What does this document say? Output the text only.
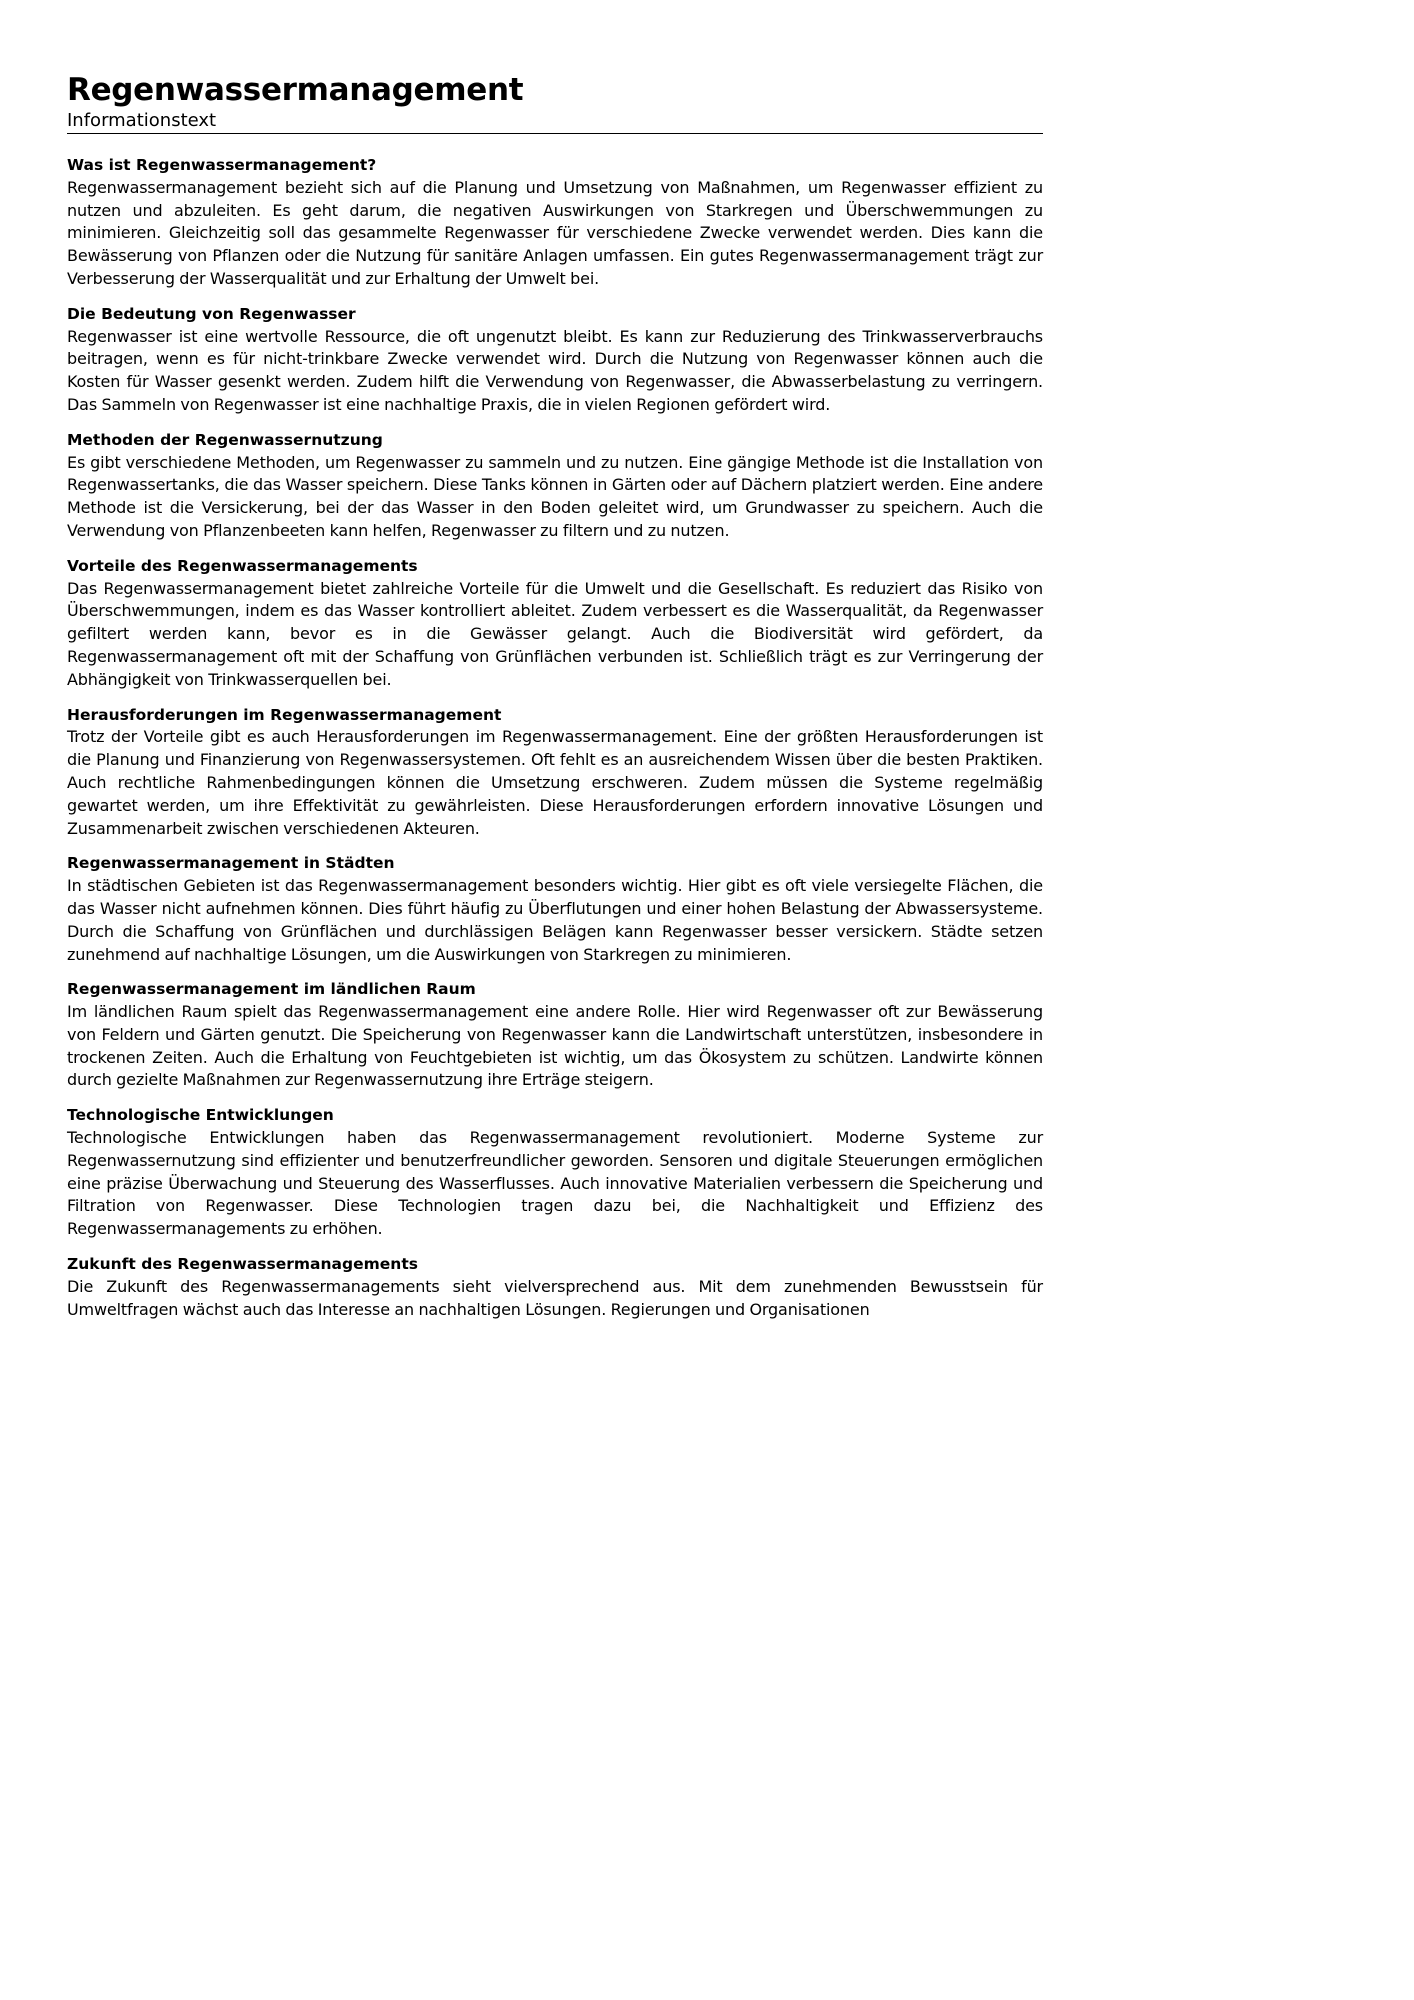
Regenwassermanagement

Informationstext

Was ist Regenwassermanagement?

Regenwassermanagement bezieht sich auf die Planung und Umsetzung von Maßnahmen, um Regenwasser effizient zu nutzen und abzuleiten. Es geht darum, die negativen Auswirkungen von Starkregen und Überschwemmungen zu minimieren. Gleichzeitig soll das gesammelte Regenwasser für verschiedene Zwecke verwendet werden. Dies kann die Bewässerung von Pflanzen oder die Nutzung für sanitäre Anlagen umfassen. Ein gutes Regenwassermanagement trägt zur Verbesserung der Wasserqualität und zur Erhaltung der Umwelt bei.

Die Bedeutung von Regenwasser

Regenwasser ist eine wertvolle Ressource, die oft ungenutzt bleibt. Es kann zur Reduzierung des Trinkwasserverbrauchs beitragen, wenn es für nicht-trinkbare Zwecke verwendet wird. Durch die Nutzung von Regenwasser können auch die Kosten für Wasser gesenkt werden. Zudem hilft die Verwendung von Regenwasser, die Abwasserbelastung zu verringern. Das Sammeln von Regenwasser ist eine nachhaltige Praxis, die in vielen Regionen gefördert wird.

Methoden der Regenwassernutzung

Es gibt verschiedene Methoden, um Regenwasser zu sammeln und zu nutzen. Eine gängige Methode ist die Installation von Regenwassertanks, die das Wasser speichern. Diese Tanks können in Gärten oder auf Dächern platziert werden. Eine andere Methode ist die Versickerung, bei der das Wasser in den Boden geleitet wird, um Grundwasser zu speichern. Auch die Verwendung von Pflanzenbeeten kann helfen, Regenwasser zu filtern und zu nutzen.

Vorteile des Regenwassermanagements

Das Regenwassermanagement bietet zahlreiche Vorteile für die Umwelt und die Gesellschaft. Es reduziert das Risiko von Überschwemmungen, indem es das Wasser kontrolliert ableitet. Zudem verbessert es die Wasserqualität, da Regenwasser gefiltert werden kann, bevor es in die Gewässer gelangt. Auch die Biodiversität wird gefördert, da Regenwassermanagement oft mit der Schaffung von Grünflächen verbunden ist. Schließlich trägt es zur Verringerung der Abhängigkeit von Trinkwasserquellen bei.

Herausforderungen im Regenwassermanagement

Trotz der Vorteile gibt es auch Herausforderungen im Regenwassermanagement. Eine der größten Herausforderungen ist die Planung und Finanzierung von Regenwassersystemen. Oft fehlt es an ausreichendem Wissen über die besten Praktiken. Auch rechtliche Rahmenbedingungen können die Umsetzung erschweren. Zudem müssen die Systeme regelmäßig gewartet werden, um ihre Effektivität zu gewährleisten. Diese Herausforderungen erfordern innovative Lösungen und Zusammenarbeit zwischen verschiedenen Akteuren.

Regenwassermanagement in Städten

In städtischen Gebieten ist das Regenwassermanagement besonders wichtig. Hier gibt es oft viele versiegelte Flächen, die das Wasser nicht aufnehmen können. Dies führt häufig zu Überflutungen und einer hohen Belastung der Abwassersysteme. Durch die Schaffung von Grünflächen und durchlässigen Belägen kann Regenwasser besser versickern. Städte setzen zunehmend auf nachhaltige Lösungen, um die Auswirkungen von Starkregen zu minimieren.

Regenwassermanagement im ländlichen Raum

Im ländlichen Raum spielt das Regenwassermanagement eine andere Rolle. Hier wird Regenwasser oft zur Bewässerung von Feldern und Gärten genutzt. Die Speicherung von Regenwasser kann die Landwirtschaft unterstützen, insbesondere in trockenen Zeiten. Auch die Erhaltung von Feuchtgebieten ist wichtig, um das Ökosystem zu schützen. Landwirte können durch gezielte Maßnahmen zur Regenwassernutzung ihre Erträge steigern.

Technologische Entwicklungen

Technologische Entwicklungen haben das Regenwassermanagement revolutioniert. Moderne Systeme zur Regenwassernutzung sind effizienter und benutzerfreundlicher geworden. Sensoren und digitale Steuerungen ermöglichen eine präzise Überwachung und Steuerung des Wasserflusses. Auch innovative Materialien verbessern die Speicherung und Filtration von Regenwasser. Diese Technologien tragen dazu bei, die Nachhaltigkeit und Effizienz des Regenwassermanagements zu erhöhen.

Zukunft des Regenwassermanagements

Die Zukunft des Regenwassermanagements sieht vielversprechend aus. Mit dem zunehmenden Bewusstsein für Umweltfragen wächst auch das Interesse an nachhaltigen Lösungen. Regierungen und Organisationen
